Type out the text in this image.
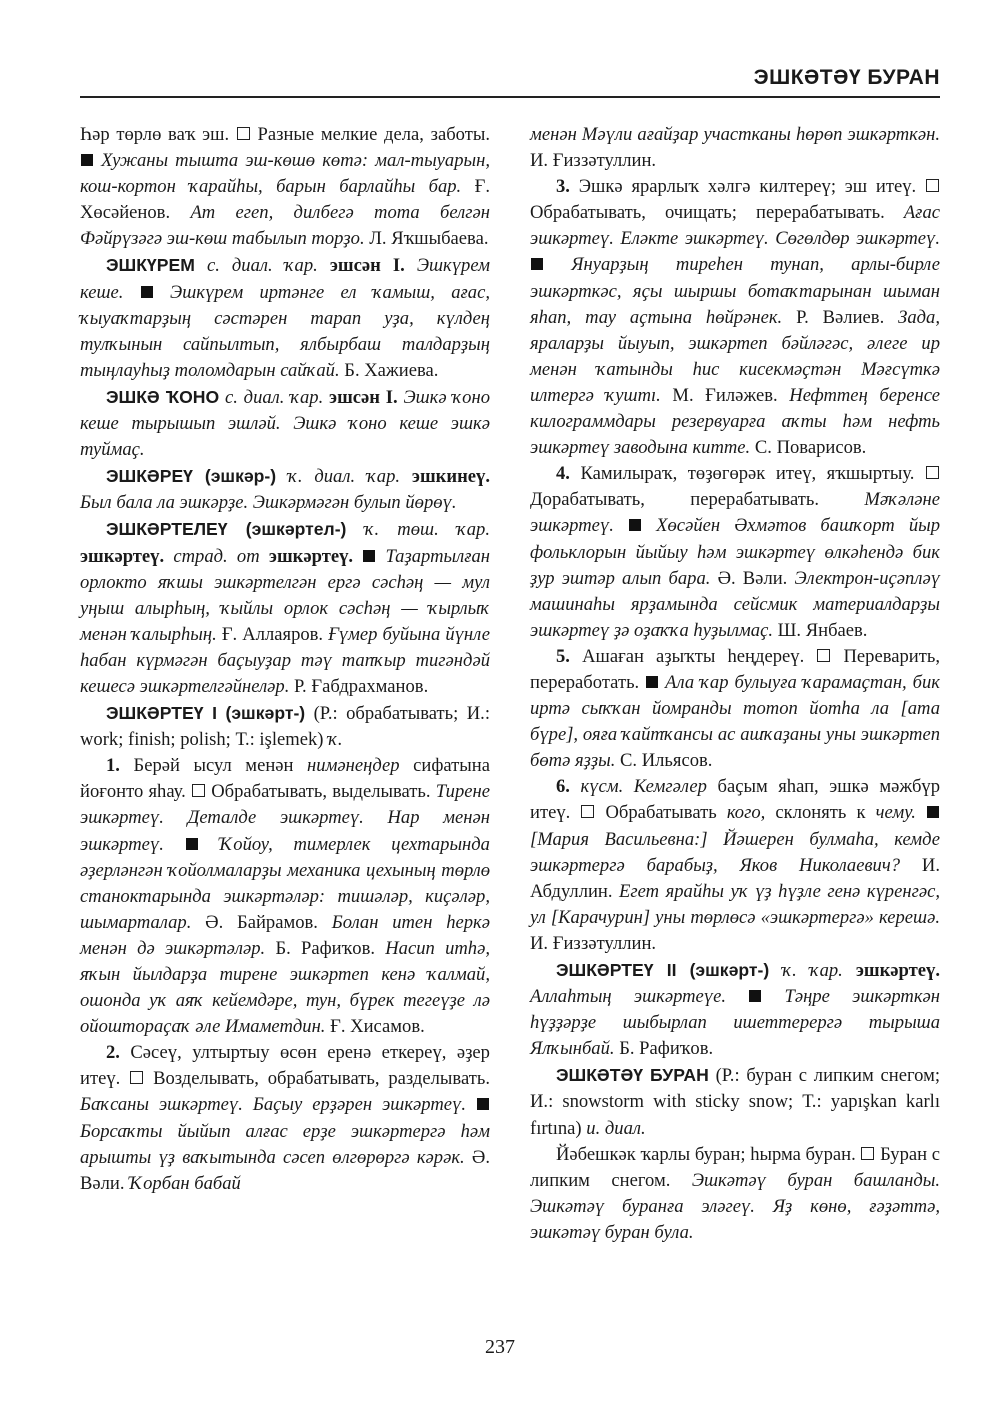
ЭШКӘТӘҮ БУРАН

Һәр төрлө ваҡ эш. Разные мелкие дела, заботы.  Хужаны тышта эш-көшө көтә: мал-тыуарын, кош-кортон ҡарайһы, барын барлайһы бар. Ғ. Хөсәйенов. Ат егеп, дилбегә тота белгән Фәйрүзәгә эш-көш табылып торҙо. Л. Яҡшыбаева.

ЭШКҮРЕМ с. диал. ҡар. эшсән I. Эшкүрем кеше.	Эшкүрем иртәнге ел ҡамыш, ағас, ҡыуаҡтарҙың сәстәрен тарап уҙа, күлдең тулҡынын сайпылтып, ялбырбаш талдарҙың тыңлауһыҙ толомдарын сайҡай. Б. Хажиева.

ЭШКӘ ҠОНО с. диал. ҡар. эшсән I. Эшкә ҡоно кеше тырышып эшләй. Эшкә ҡоно кеше эшкә туймаҫ.

ЭШКӘРЕҮ (эшкәр-) ҡ. диал. ҡар. эшкинеү. Был бала ла эшкәрҙе. Эшкәрмәгән булып йөрөү.

ЭШКӘРТЕЛЕҮ (эшкәртел-) ҡ. төш. ҡар. эшкәртеү. страд. от эшкәртеү. Таҙартылған орлокто яҡшы эшкәртелгән ергә сәсһәң — мул уңыш алырһың, ҡыйлы орлок сәсһәң — ҡырлыҡ менән ҡалырһың. Ғ. Аллаяров. Ғүмер буйына йүнле һабан күрмәгән баҫыуҙар тәү тапҡыр тигәндәй кешесә эшкәртелгәйнеләр. Р. Ғабдрахманов.

ЭШКӘРТЕҮ I (эшкәрт-) (Р.: обрабатывать; И.: work; finish; polish; Т.: işlemek) ҡ.

1. Берәй ысул менән нимәнеңдер сифатына йоғонто яһау. Обрабатывать, выделывать. Тирене эшкәртеү. Деталде эшкәртеү. Нар менән эшкәртеү.	Ҡойоу, тимерлек цехтарында әҙерләнгән ҡойолмаларҙы механика цехының төрлө станоктарында эшкәртәләр: тишәләр, киҫәләр, шымарталар. Ә. Байрамов. Болан итен һеркә менән дә эшкәртәләр. Б. Рафиҡов. Насип итһә, яҡын йылдарҙа тирене эшкәртеп кенә ҡалмай, ошонда уҡ аяҡ кейемдәре, тун, бүрек тегеүҙе лә ойоштораҫаҡ әле Имаметдин. Ғ. Хисамов.

2. Сәсеү, ултыртыу өсөн еренә еткереү, әҙер итеү. Возделывать, обрабатывать, разделывать. Баҡсаны эшкәртеү. Баҫыу ерҙәрен эшкәртеү.  Борсаҡты йыйып алғас ерҙе эшкәртергә һәм арышты үҙ ваҡытында сәсеп өлгөрөргә кәрәк. Ә. Вәли. Ҡорбан бабай

менән Мәүли ағайҙар участканы һөрөп эшкәрткән. И. Ғиззәтуллин.

3. Эшкә ярарлыҡ хәлгә килтереү; эш итеү.  Обрабатывать, очищать; перерабатывать. Ағас эшкәртеү. Еләкте эшкәртеү. Сөгөлдөр эшкәртеү.  Януарҙың тиреһен тунап, арлы-бирле эшкәрткәс, яҫы шыршы ботаҡтарынан шыман яһап, тау аҫтына һөйрәнек. Р. Вәлиев. Зада, яраларҙы йыуып, эшкәртеп бәйләгәс, әлеге ир менән ҡатынды һис кисекмәҫтән Мәғсүткә илтергә ҡуштı. М. Ғиләжев. Нефттең беренсе килограммдары резервуарға аҡты һәм нефть эшкәртеү заводына китте. С. Поварисов.

4. Камилыраҡ, төҙөгөрәк итеү, яҡшыртыу.  Дорабатывать, перерабатывать. Мәҡәләне эшкәртеү. Хөсәйен Әхмәтов башҡорт йыр фольклорын йыйыу һәм эшкәртеү өлкәһендә бик ҙур эштәр алып бара. Ә. Вәли. Электрон-иҫәпләү машинаһы ярҙамында сейсмик материалдарҙы эшкәртеү ҙә оҙаҡҡа һуҙылмаҫ. Ш. Янбаев.

5. Ашаған аҙыҡты һеңдереү. Переварить, переработать. Ала ҡар булыуға ҡарамаҫтан, бик иртә сыҡҡан йомранды тотоп йотһа ла [ата бүре], ояға ҡайтҡансы ас ашҡаҙаны уны эшкәртеп бөтә яҙҙы. С. Ильясов.

6. күсм. Кемгәлер баҫым яһап, эшкә мәжбүр итеү. Обрабатывать кого, склонять к чему.  [Мария Васильевна:] Йәшерен булмаһа, кемде эшкәртергә барабыҙ, Яков Николаевич? И. Абдуллин. Егет ярайһы уҡ үҙ һүҙле генә күренгәс, ул [Карачурин] уны төрлөсә «эшкәртергә» керешә. И. Ғиззәтуллин.

ЭШКӘРТЕҮ II (эшкәрт-) ҡ. ҡар. эшкәртеү. Аллаһтың эшкәртеүе.	Тәңре эшкәрткән һүҙҙәрҙе шыбырлап ишеттерергә тырыша Ялҡынбай. Б. Рафиҡов.

ЭШКӘТӘҮ БУРАН (Р.: буран с липким снегом; И.: snowstorm with sticky snow; Т.: yapışkan karlı fırtına) и. диал.

Йәбешкәк ҡарлы буран; һырма буран. Буран с липким снегом. Эшкәтәү буран башланды. Эшкәтәү буранға эләгеү. Яҙ көнө, ғәҙәттә, эшкәтәү буран була.

237
